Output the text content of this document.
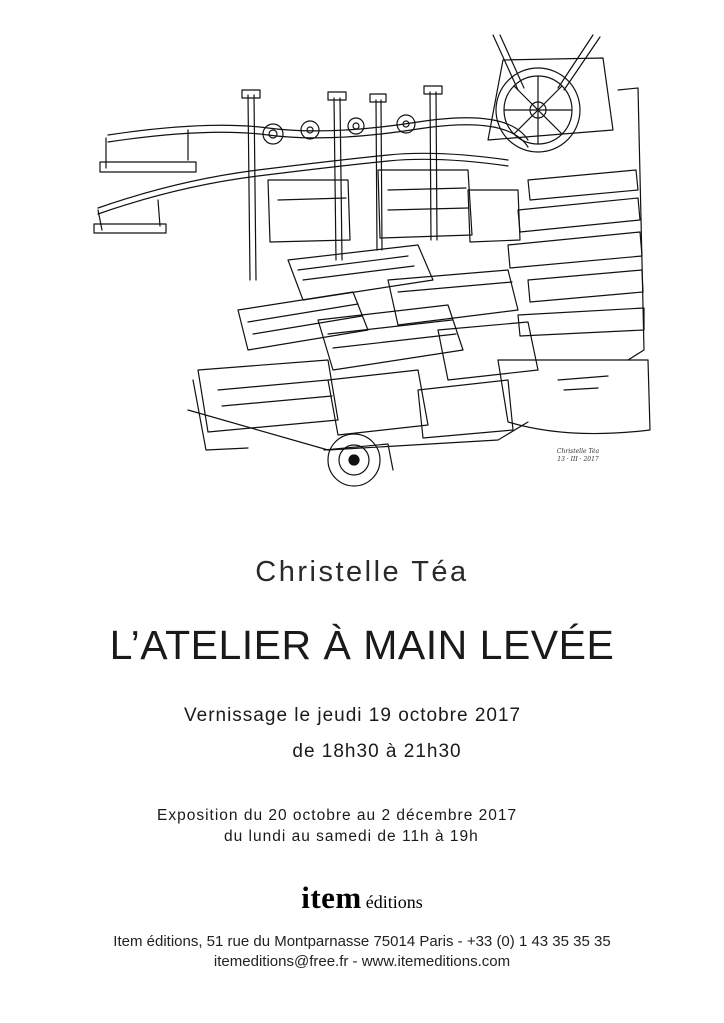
Christelle Téa
13 · III · 2017
Christelle Téa
L’ATELIER À MAIN LEVÉE
Vernissage le jeudi 19 octobre 2017
de 18h30 à 21h30
Exposition du 20 octobre au 2 décembre 2017
du lundi au samedi de 11h à 19h
item éditions
Item éditions, 51 rue du Montparnasse 75014 Paris - +33 (0) 1 43 35 35 35
itemeditions@free.fr - www.itemeditions.com
